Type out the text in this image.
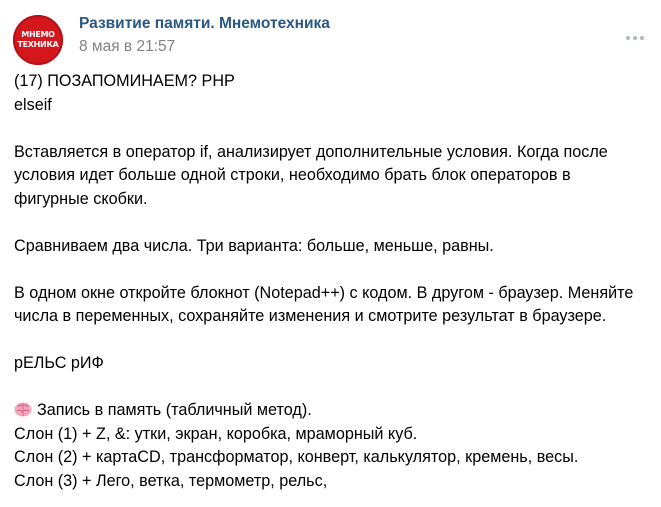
МНЕМО
ТЕХНИКА
Развитие памяти. Мнемотехника
8 мая в 21:57
(17) ПОЗАПОМИНАЕМ? PHP
elseif
Вставляется в оператор if, анализирует дополнительные условия. Когда после
условия идет больше одной строки, необходимо брать блок операторов в
фигурные скобки.
Сравниваем два числа. Три варианта: больше, меньше, равны.
В одном окне откройте блокнот (Notepad++) с кодом. В другом - браузер. Меняйте
числа в переменных, сохраняйте изменения и смотрите результат в браузере.
рЕЛЬС рИФ
Запись в память (табличный метод).
Слон (1) + Z, &: утки, экран, коробка, мраморный куб.
Слон (2) + картаCD, трансформатор, конверт, калькулятор, кремень, весы.
Слон (3) + Лего, ветка, термометр, рельс,
